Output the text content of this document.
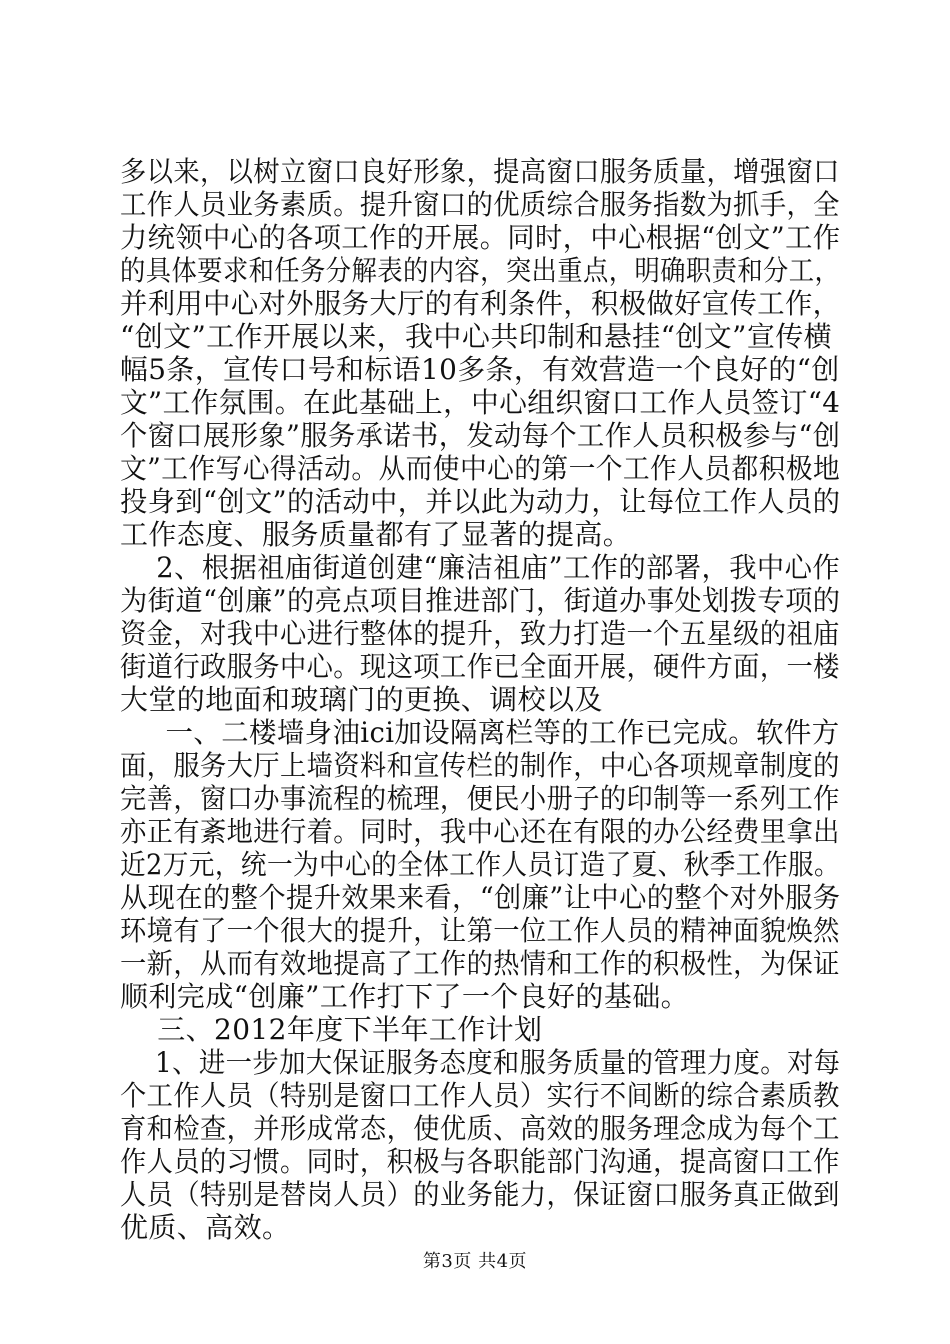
多以来，以树立窗口良好形象，提高窗口服务质量，增强窗口
工作人员业务素质。提升窗口的优质综合服务指数为抓手，全
力统领中心的各项工作的开展。同时，中心根据“创文”工作
的具体要求和任务分解表的内容，突出重点，明确职责和分工，
并利用中心对外服务大厅的有利条件，积极做好宣传工作，
“创文”工作开展以来，我中心共印制和悬挂“创文”宣传横
幅5条，宣传口号和标语10多条，有效营造一个良好的“创
文”工作氛围。在此基础上，中心组织窗口工作人员签订“4
个窗口展形象”服务承诺书，发动每个工作人员积极参与“创
文”工作写心得活动。从而使中心的第一个工作人员都积极地
投身到“创文”的活动中，并以此为动力，让每位工作人员的
工作态度、服务质量都有了显著的提高。
2、根据祖庙街道创建“廉洁祖庙”工作的部署，我中心作
为街道“创廉”的亮点项目推进部门，街道办事处划拨专项的
资金，对我中心进行整体的提升，致力打造一个五星级的祖庙
街道行政服务中心。现这项工作已全面开展，硬件方面，一楼
大堂的地面和玻璃门的更换、调校以及
一、二楼墙身油ici加设隔离栏等的工作已完成。软件方
面，服务大厅上墙资料和宣传栏的制作，中心各项规章制度的
完善，窗口办事流程的梳理，便民小册子的印制等一系列工作
亦正有紊地进行着。同时，我中心还在有限的办公经费里拿出
近2万元，统一为中心的全体工作人员订造了夏、秋季工作服。
从现在的整个提升效果来看，“创廉”让中心的整个对外服务
环境有了一个很大的提升，让第一位工作人员的精神面貌焕然
一新，从而有效地提高了工作的热情和工作的积极性，为保证
顺利完成“创廉”工作打下了一个良好的基础。
三、2012年度下半年工作计划
1、进一步加大保证服务态度和服务质量的管理力度。对每
个工作人员（特别是窗口工作人员）实行不间断的综合素质教
育和检查，并形成常态，使优质、高效的服务理念成为每个工
作人员的习惯。同时，积极与各职能部门沟通，提高窗口工作
人员（特别是替岗人员）的业务能力，保证窗口服务真正做到
优质、高效。
第3页 共4页
